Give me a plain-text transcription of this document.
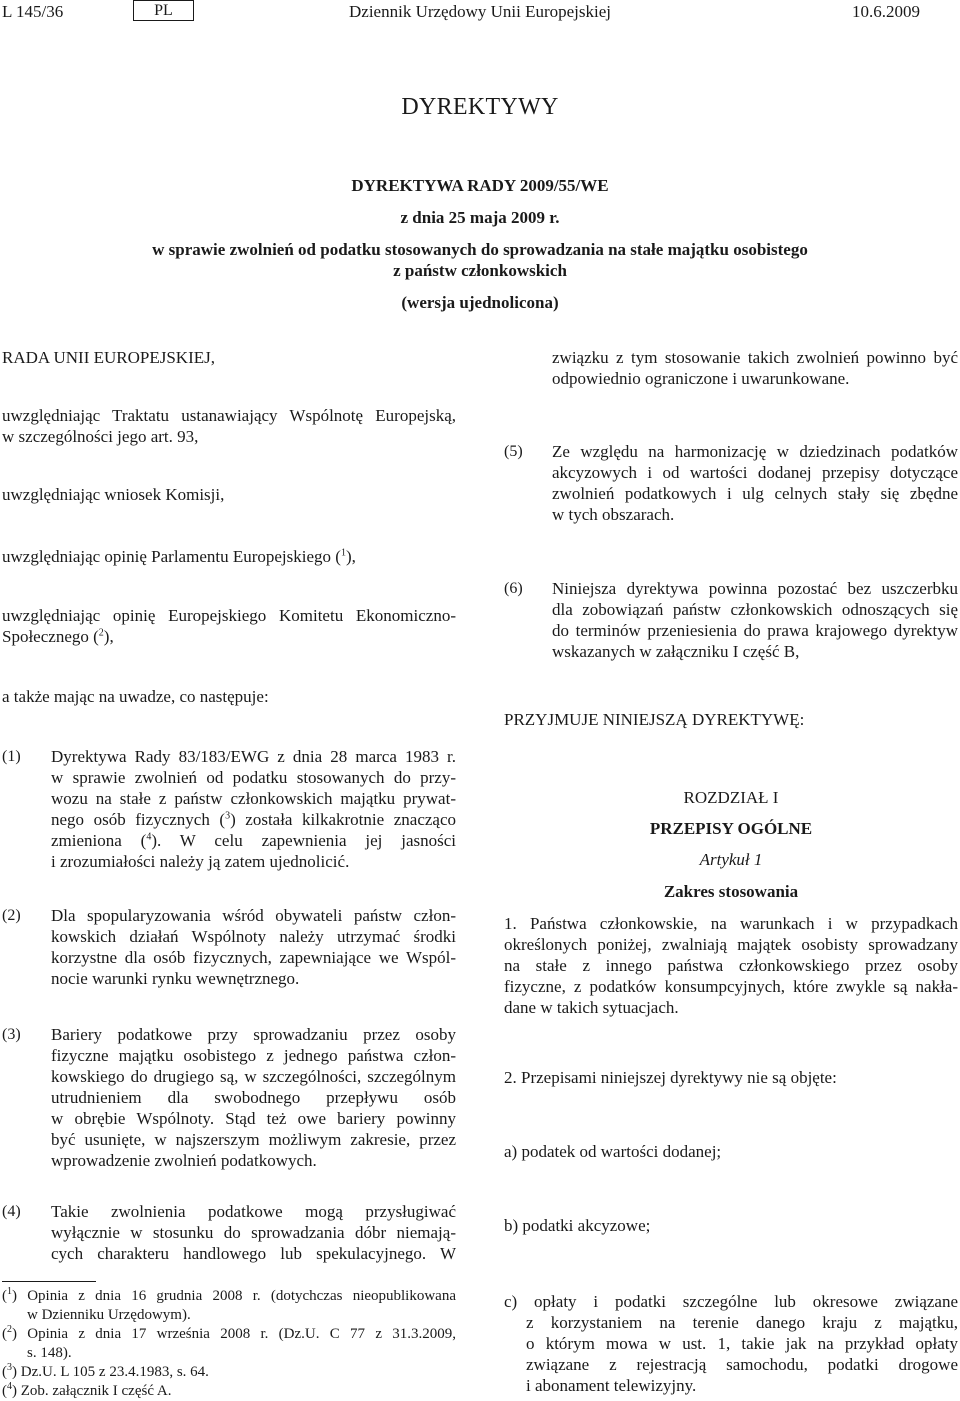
L 145/36	PL	Dziennik Urzędowy Unii Europejskiej	10.6.2009
DYREKTYWY
DYREKTYWA RADY 2009/55/WE
z dnia 25 maja 2009 r.
w sprawie zwolnień od podatku stosowanych do sprowadzania na stałe majątku osobistego
z państw członkowskich
(wersja ujednolicona)
RADA UNII EUROPEJSKIEJ,
uwzględniając Traktatu ustanawiający Wspólnotę Europejską,
w szczególności jego art. 93,
uwzględniając wniosek Komisji,
uwzględniając opinię Parlamentu Europejskiego ($^1$),
uwzględniając opinię Europejskiego Komitetu Ekonomiczno-
Społecznego ($^2$),
a także mając na uwadze, co następuje:
(1) Dyrektywa Rady 83/183/EWG z dnia 28 marca 1983 r.
w sprawie zwolnień od podatku stosowanych do przy-
wozu na stałe z państw członkowskich majątku prywat-
nego osób fizycznych ($^3$) została kilkakrotnie znacząco
zmieniona ($^4$). W celu zapewnienia jej jasności
i zrozumiałości należy ją zatem ujednolicić.
(2) Dla spopularyzowania wśród obywateli państw człon-
kowskich działań Wspólnoty należy utrzymać środki
korzystne dla osób fizycznych, zapewniające we Wspól-
nocie warunki rynku wewnętrznego.
(3) Bariery podatkowe przy sprowadzaniu przez osoby
fizyczne majątku osobistego z jednego państwa człon-
kowskiego do drugiego są, w szczególności, szczególnym
utrudnieniem dla swobodnego przepływu osób
w obrębie Wspólnoty. Stąd też owe bariery powinny
być usunięte, w najszerszym możliwym zakresie, przez
wprowadzenie zwolnień podatkowych.
(4) Takie zwolnienia podatkowe mogą przysługiwać
wyłącznie w stosunku do sprowadzania dóbr niemają-
cych charakteru handlowego lub spekulacyjnego. W
($^1$) Opinia z dnia 16 grudnia 2008 r. (dotychczas nieopublikowana
w Dzienniku Urzędowym).
($^2$) Opinia z dnia 17 września 2008 r. (Dz.U. C 77 z 31.3.2009,
s. 148).
($^3$) Dz.U. L 105 z 23.4.1983, s. 64.
($^4$) Zob. załącznik I część A.
związku z tym stosowanie takich zwolnień powinno być
odpowiednio ograniczone i uwarunkowane.
(5) Ze względu na harmonizację w dziedzinach podatków
akcyzowych i od wartości dodanej przepisy dotyczące
zwolnień podatkowych i ulg celnych stały się zbędne
w tych obszarach.
(6) Niniejsza dyrektywa powinna pozostać bez uszczerbku
dla zobowiązań państw członkowskich odnoszących się
do terminów przeniesienia do prawa krajowego dyrektyw
wskazanych w załączniku I część B,
PRZYJMUJE NINIEJSZĄ DYREKTYWĘ:
ROZDZIAŁ I
PRZEPISY OGÓLNE
Artykuł 1
Zakres stosowania
1. Państwa członkowskie, na warunkach i w przypadkach
określonych poniżej, zwalniają majątek osobisty sprowadzany
na stałe z innego państwa członkowskiego przez osoby
fizyczne, z podatków konsumpcyjnych, które zwykle są nakła-
dane w takich sytuacjach.
2. Przepisami niniejszej dyrektywy nie są objęte:
a) podatek od wartości dodanej;
b) podatki akcyzowe;
c) opłaty i podatki szczególne lub okresowe związane
z korzystaniem na terenie danego kraju z majątku,
o którym mowa w ust. 1, takie jak na przykład opłaty
związane z rejestracją samochodu, podatki drogowe
i abonament telewizyjny.
